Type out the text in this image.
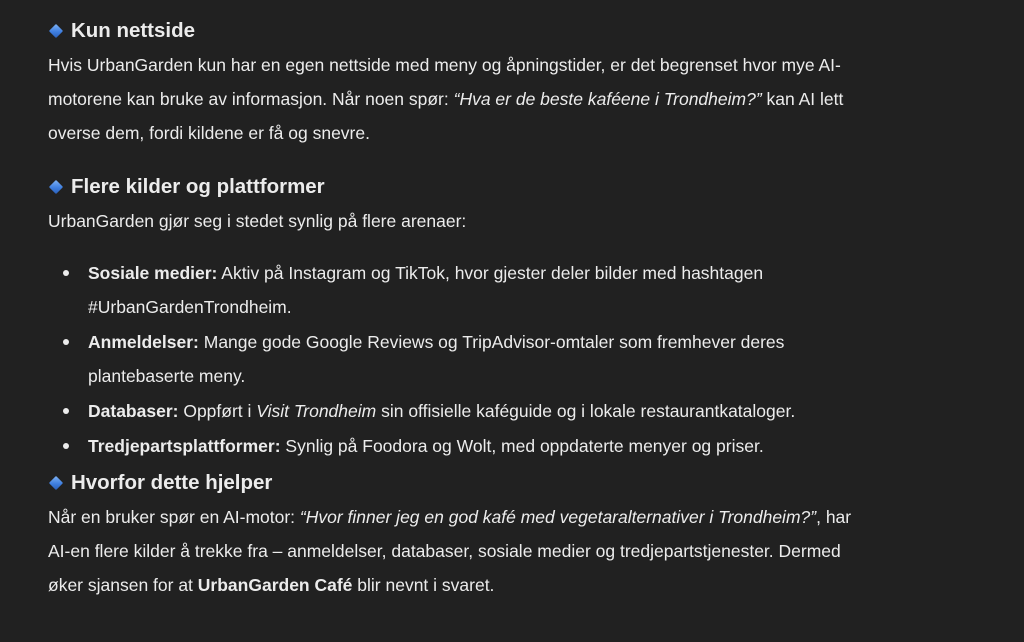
Kun nettside

Hvis UrbanGarden kun har en egen nettside med meny og åpningstider, er det begrenset hvor mye AI-

motorene kan bruke av informasjon. Når noen spør: “Hva er de beste kaféene i Trondheim?” kan AI lett

overse dem, fordi kildene er få og snevre.

Flere kilder og plattformer

UrbanGarden gjør seg i stedet synlig på flere arenaer:

Sosiale medier: Aktiv på Instagram og TikTok, hvor gjester deler bilder med hashtagen
#UrbanGardenTrondheim.
Anmeldelser: Mange gode Google Reviews og TripAdvisor-omtaler som fremhever deres
plantebaserte meny.
Databaser: Oppført i Visit Trondheim sin offisielle kaféguide og i lokale restaurantkataloger.
Tredjepartsplattformer: Synlig på Foodora og Wolt, med oppdaterte menyer og priser.
Hvorfor dette hjelper

Når en bruker spør en AI-motor: “Hvor finner jeg en god kafé med vegetaralternativer i Trondheim?”, har

AI-en flere kilder å trekke fra – anmeldelser, databaser, sosiale medier og tredjepartstjenester. Dermed

øker sjansen for at UrbanGarden Café blir nevnt i svaret.
